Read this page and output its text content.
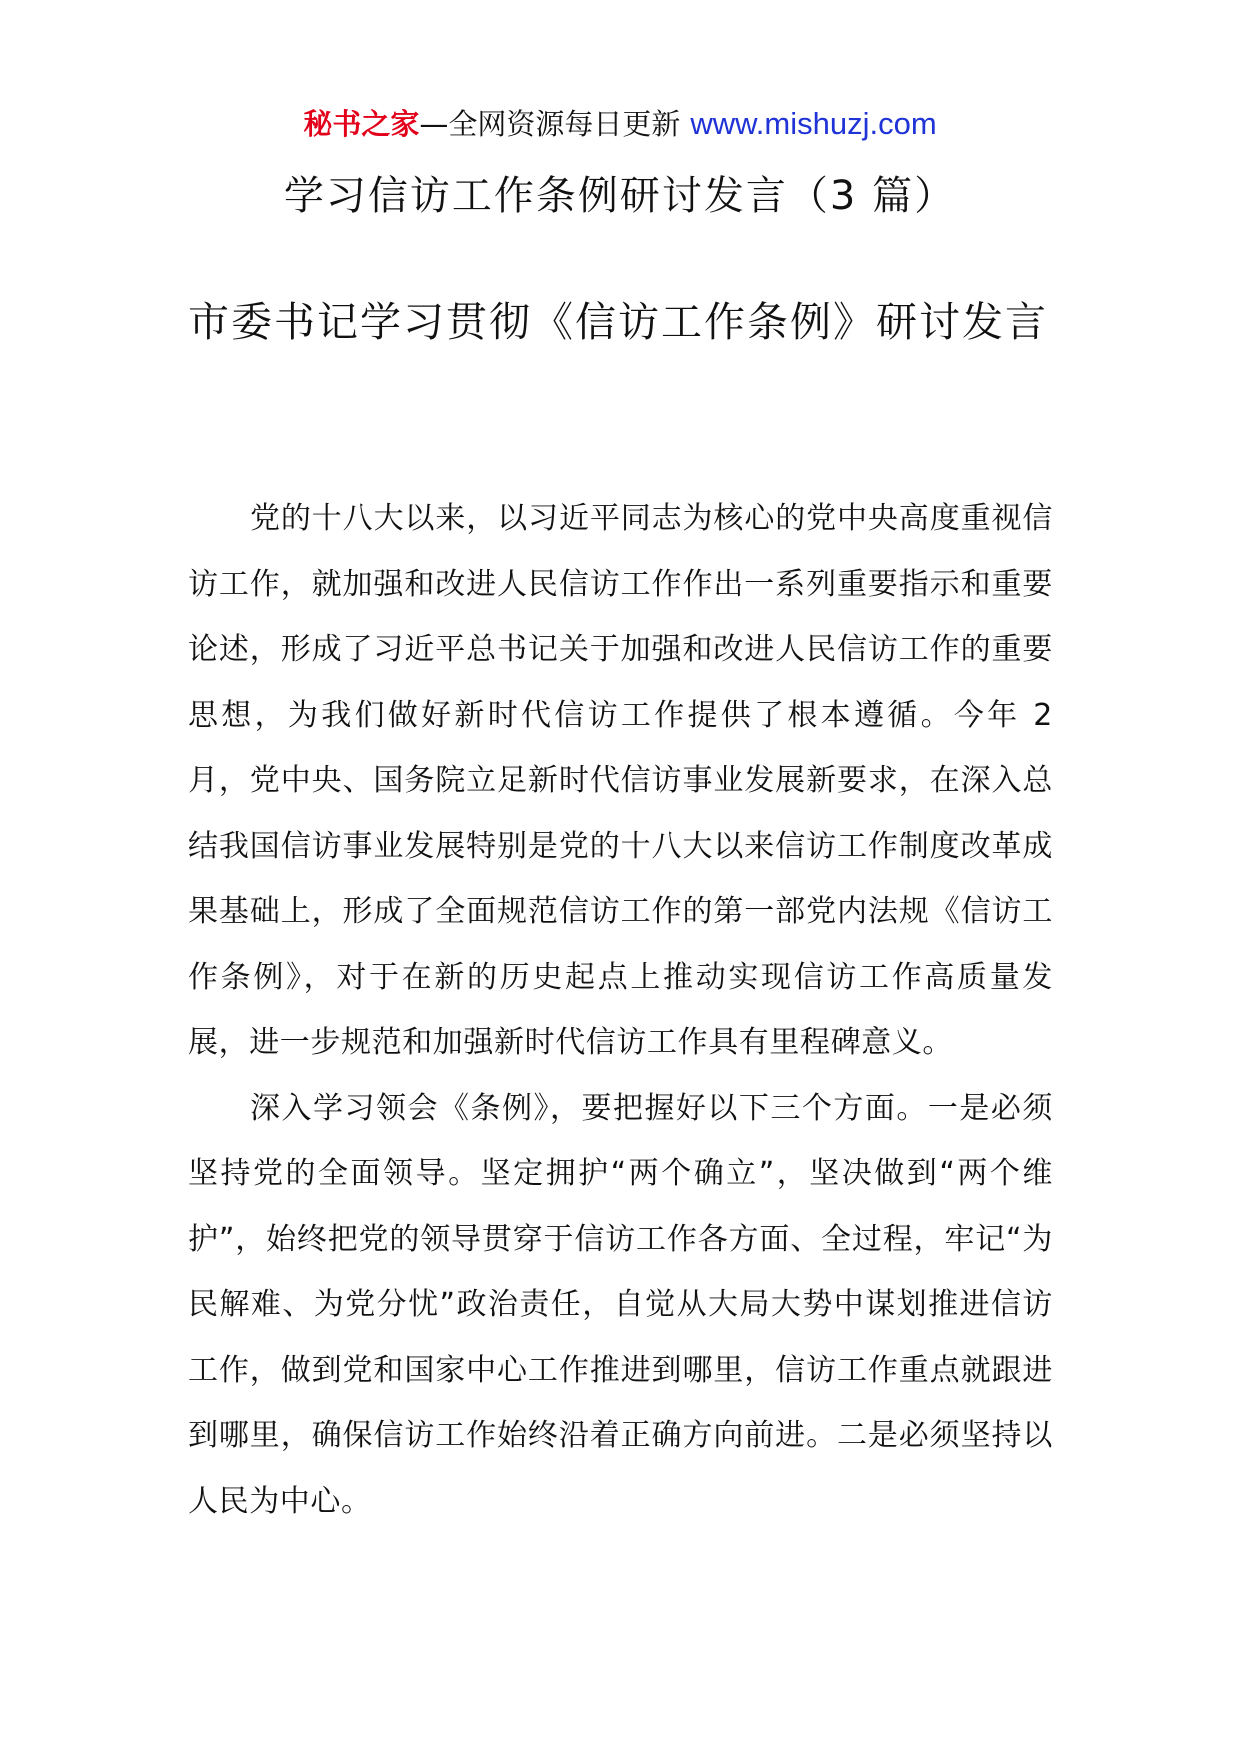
秘书之家—全网资源每日更新 www.mishuzj.com
学习信访工作条例研讨发言（3 篇）
市委书记学习贯彻《信访工作条例》研讨发言

党的十八大以来，以习近平同志为核心的党中央高度重视信访工作，就加强和改进人民信访工作作出一系列重要指示和重要论述，形成了习近平总书记关于加强和改进人民信访工作的重要思想，为我们做好新时代信访工作提供了根本遵循。今年 2 月，党中央、国务院立足新时代信访事业发展新要求，在深入总结我国信访事业发展特别是党的十八大以来信访工作制度改革成果基础上，形成了全面规范信访工作的第一部党内法规《信访工作条例》，对于在新的历史起点上推动实现信访工作高质量发展，进一步规范和加强新时代信访工作具有里程碑意义。

深入学习领会《条例》，要把握好以下三个方面。一是必须坚持党的全面领导。坚定拥护“两个确立”，坚决做到“两个维护”，始终把党的领导贯穿于信访工作各方面、全过程，牢记“为民解难、为党分忧”政治责任，自觉从大局大势中谋划推进信访工作，做到党和国家中心工作推进到哪里，信访工作重点就跟进到哪里，确保信访工作始终沿着正确方向前进。二是必须坚持以人民为中心。
